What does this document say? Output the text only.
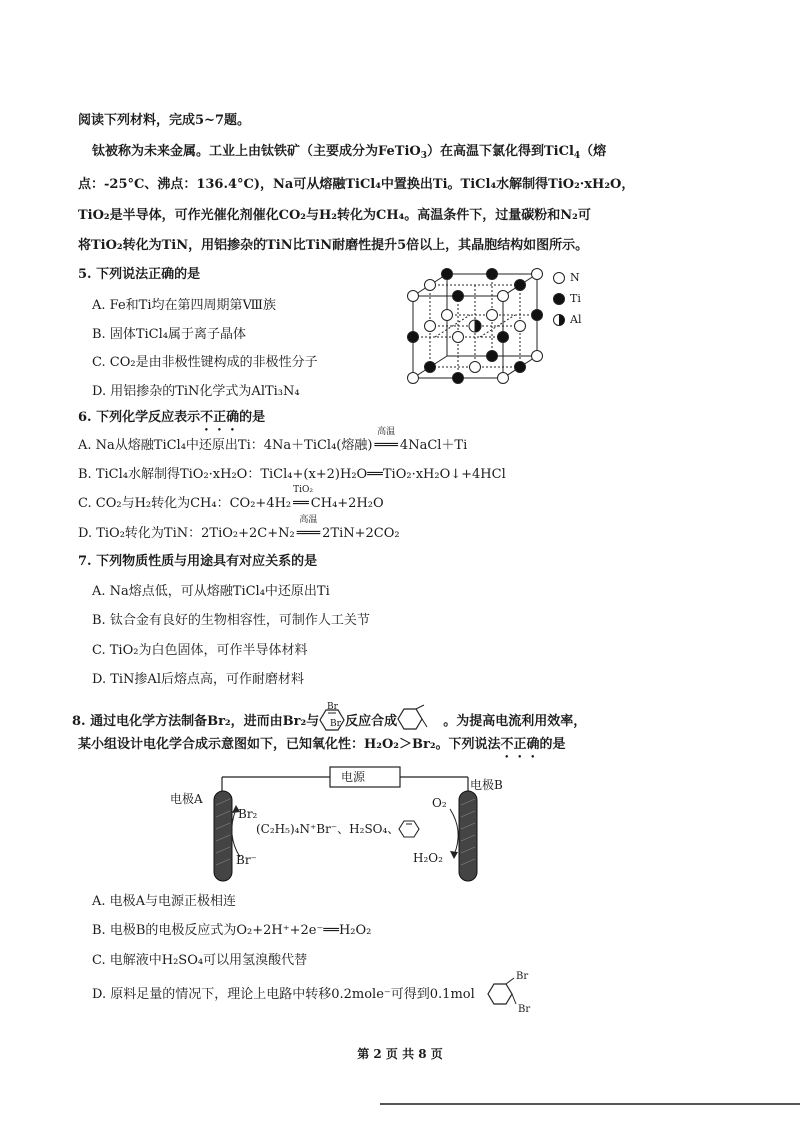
阅读下列材料，完成5~7题。
钛被称为未来金属。工业上由钛铁矿（主要成分为FeTiO$_3$）在高温下氯化得到TiCl$_4$（熔
点：-25°C、沸点：136.4°C)，Na可从熔融TiCl₄中置换出Ti。TiCl₄水解制得TiO₂·xH₂O，
TiO₂是半导体，可作光催化剂催化CO₂与H₂转化为CH₄。高温条件下，过量碳粉和N₂可
将TiO₂转化为TiN，用铝掺杂的TiN比TiN耐磨性提升5倍以上，其晶胞结构如图所示。
5. 下列说法正确的是
A. Fe和Ti均在第四周期第Ⅷ族
B. 固体TiCl₄属于离子晶体
C. CO₂是由非极性键构成的非极性分子
D. 用铝掺杂的TiN化学式为AlTi₃N₄
N
Ti
Al
6. 下列化学反应表示不正确的是
A. Na从熔融TiCl₄中还原出Ti：4Na＋TiCl₄(熔融)
高温
═══ 4NaCl＋Ti
B. TiCl₄水解制得TiO₂·xH₂O：TiCl₄+(x+2)H₂O══TiO₂·xH₂O↓+4HCl
C. CO₂与H₂转化为CH₄：CO₂+4H₂
TiO₂
══ CH₄+2H₂O
D. TiO₂转化为TiN：2TiO₂+2C+N₂
高温
═══ 2TiN+2CO₂
7. 下列物质性质与用途具有对应关系的是
A. Na熔点低，可从熔融TiCl₄中还原出Ti
B. 钛合金有良好的生物相容性，可制作人工关节
C. TiO₂为白色固体，可作半导体材料
D. TiN掺Al后熔点高，可作耐磨材料
8. 通过电化学方法制备Br₂，进而由Br₂与 反应合成	。为提高电流利用效率，
Br
Br
某小组设计电化学合成示意图如下，已知氧化性：H₂O₂＞Br₂。下列说法不正确的是
电源
电极A
电极B
Br₂
Br⁻
O₂
H₂O₂
(C₂H₅)₄N⁺Br⁻、H₂SO₄、
A. 电极A与电源正极相连
B. 电极B的电极反应式为O₂+2H⁺+2e⁻══H₂O₂
C. 电解液中H₂SO₄可以用氢溴酸代替
D. 原料足量的情况下，理论上电路中转移0.2mole⁻可得到0.1mol
Br
Br
第 2 页 共 8 页
